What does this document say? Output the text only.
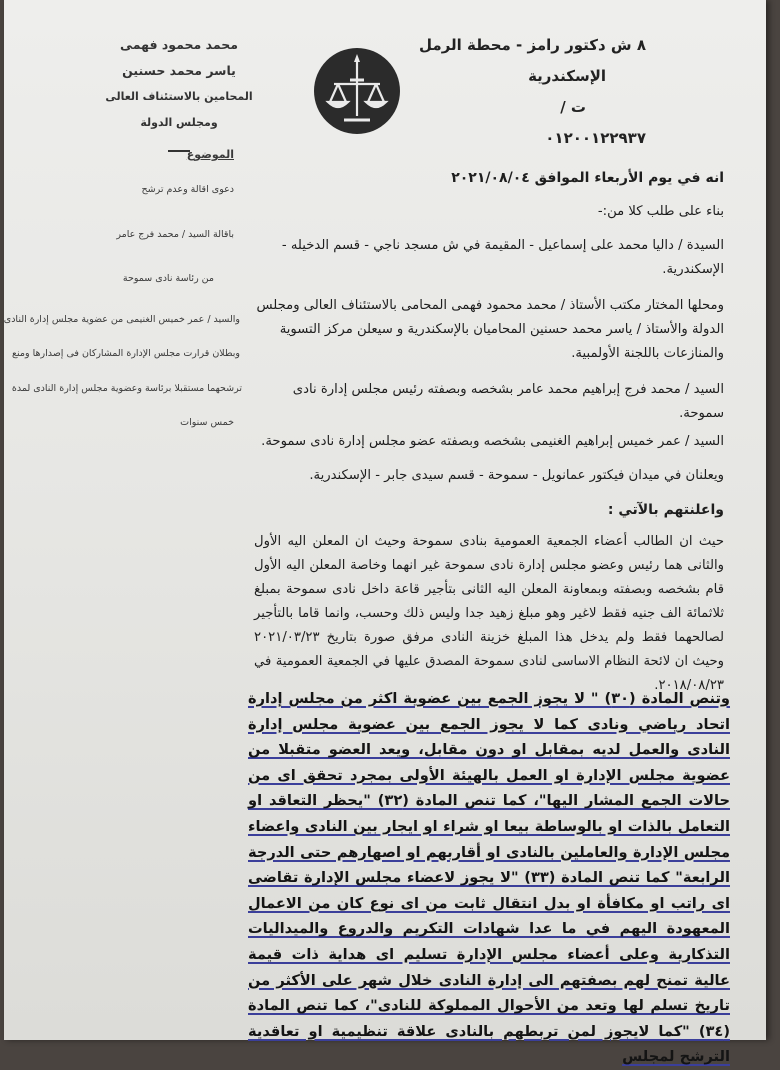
٨ ش دكتور رامز - محطة الرمل
الإسكندرية
ت /
٠١٢٠٠١٢٢٩٣٧
محمد محمود فهمى
ياسر محمد حسنين
المحامين بالاستئناف العالى
ومجلس الدولة
الموضوع
دعوى اقالة وعدم ترشح
باقالة السيد / محمد فرج عامر
من رئاسة نادى سموحة
والسيد / عمر خميس الغنيمى من عضوية مجلس إدارة النادى
وبطلان قرارت مجلس الإدارة المشاركان فى إصدارها ومنع
ترشحهما مستقبلا برئاسة وعضوية مجلس إدارة النادى لمدة
خمس سنوات

انه في يوم الأربعاء الموافق ٢٠٢١/٠٨/٠٤

بناء على طلب كلا من:-

السيدة / داليا محمد على إسماعيل - المقيمة في ش مسجد ناجي - قسم الدخيله - الإسكندرية.

ومحلها المختار مكتب الأستاذ / محمد محمود فهمى المحامى بالاستئناف العالى ومجلس الدولة والأستاذ / ياسر محمد حسنين المحاميان بالإسكندرية و سيعلن مركز التسوية والمنازعات باللجنة الأولمبية.

السيد / محمد فرج إبراهيم محمد عامر بشخصه وبصفته رئيس مجلس إدارة نادى سموحة.

السيد / عمر خميس إبراهيم الغنيمى بشخصه وبصفته عضو مجلس إدارة نادى سموحة.

ويعلنان في ميدان فيكتور عمانويل - سموحة - قسم سيدى جابر - الإسكندرية.

واعلنتهم بالآتي :

حيث ان الطالب أعضاء الجمعية العمومية بنادى سموحة وحيث ان المعلن اليه الأول والثانى هما رئيس وعضو مجلس إدارة نادى سموحة غير انهما وخاصة المعلن اليه الأول قام بشخصه وبصفته وبمعاونة المعلن اليه الثانى بتأجير قاعة داخل نادى سموحة بمبلغ ثلاثمائة الف جنيه فقط لاغير وهو مبلغ زهيد جدا وليس ذلك وحسب، وانما قاما بالتأجير لصالحهما فقط ولم يدخل هذا المبلغ خزينة النادى مرفق صورة بتاريخ ٢٠٢١/٠٣/٢٣ وحيث ان لائحة النظام الاساسى لنادى سموحة المصدق عليها في الجمعية العمومية في ٢٠١٨/٠٨/٢٣.

وتنص المادة (٣٠) " لا يجوز الجمع بين عضوية اكثر من مجلس إدارة اتحاد رياضي ونادى كما لا يجوز الجمع بين عضوية مجلس إدارة النادى والعمل لديه بمقابل او دون مقابل، ويعد العضو متقبلا من عضوية مجلس الإدارة او العمل بالهيئة الأولى بمجرد تحقق اى من حالات الجمع المشار اليها"، كما تنص المادة (٣٢) "يحظر التعاقد او التعامل بالذات او بالوساطة بيعا او شراء او ايجار بين النادى واعضاء مجلس الإدارة والعاملين بالنادى او أقاربهم او اصهارهم حتى الدرجة الرابعة" كما تنص المادة (٣٣) "لا يجوز لاعضاء مجلس الإدارة تقاضى اى راتب او مكافأة او بدل انتقال ثابت من اى نوع كان من الاعمال المعهودة اليهم في ما عدا شهادات التكريم والدروع والميداليات التذكارية وعلى أعضاء مجلس الإدارة تسليم اى هداية ذات قيمة عالية تمنح لهم بصفتهم الى إدارة النادى خلال شهر على الأكثر من تاريخ تسلم لها وتعد من الأحوال المملوكة للنادى"، كما تنص المادة (٣٤) "كما لايجوز لمن تربطهم بالنادى علاقة تنظيمية او تعاقدية الترشح لمجلس
